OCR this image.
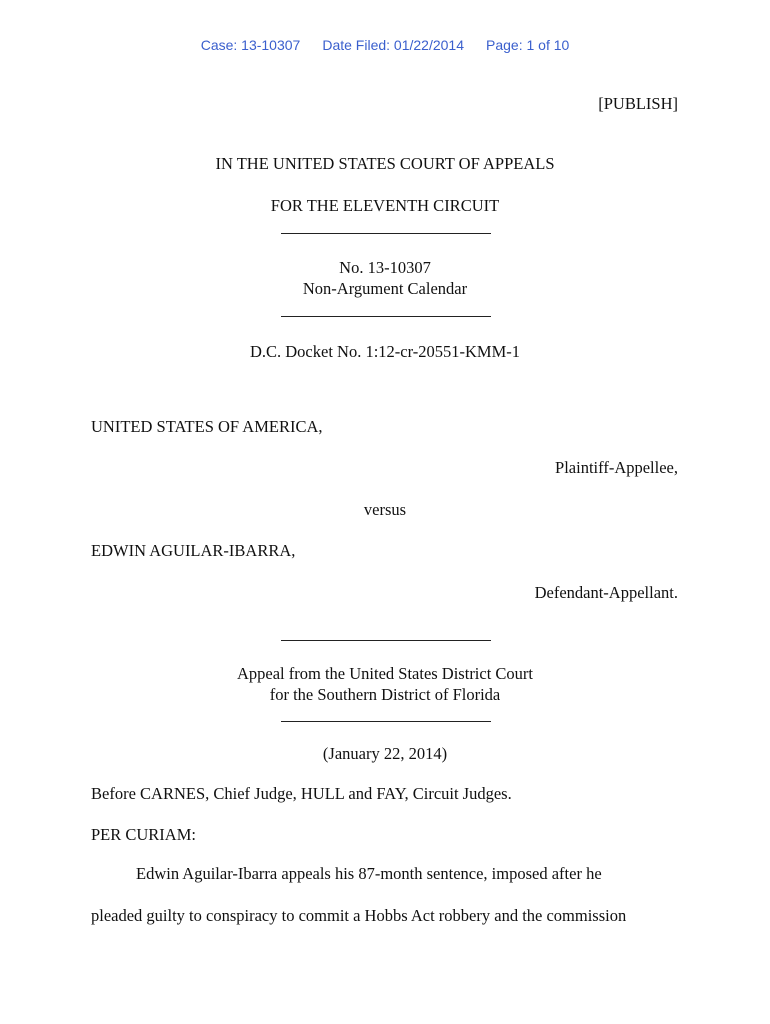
Case: 13-10307 Date Filed: 01/22/2014 Page: 1 of 10
[PUBLISH]
IN THE UNITED STATES COURT OF APPEALS
FOR THE ELEVENTH CIRCUIT
No. 13-10307
Non-Argument Calendar
D.C. Docket No. 1:12-cr-20551-KMM-1
UNITED STATES OF AMERICA,
Plaintiff-Appellee,
versus
EDWIN AGUILAR-IBARRA,
Defendant-Appellant.
Appeal from the United States District Court
for the Southern District of Florida
(January 22, 2014)
Before CARNES, Chief Judge, HULL and FAY, Circuit Judges.
PER CURIAM:
Edwin Aguilar-Ibarra appeals his 87-month sentence, imposed after he
pleaded guilty to conspiracy to commit a Hobbs Act robbery and the commission
